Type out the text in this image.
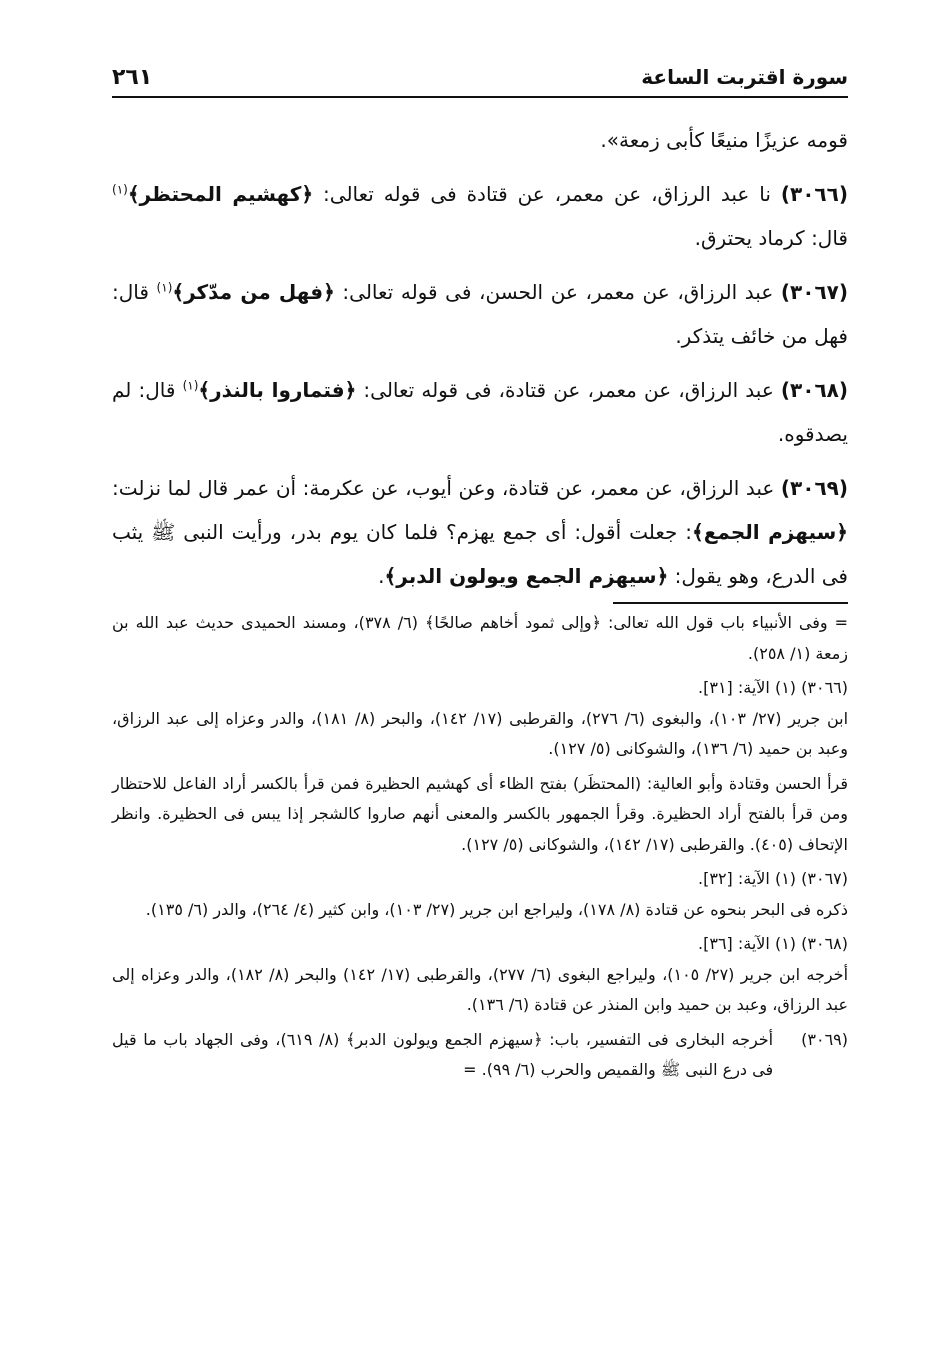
سورة اقتربت الساعة
٢٦١

قومه عزيزًا منيعًا كأبى زمعة».

(٣٠٦٦) نا عبد الرزاق، عن معمر، عن قتادة فى قوله تعالى: ﴿كهشيم المحتظر﴾$^{(١)}$ قال: كرماد يحترق.

(٣٠٦٧) عبد الرزاق، عن معمر، عن الحسن، فى قوله تعالى: ﴿فهل من مدّكر﴾$^{(١)}$ قال: فهل من خائف يتذكر.

(٣٠٦٨) عبد الرزاق، عن معمر، عن قتادة، فى قوله تعالى: ﴿فتماروا بالنذر﴾$^{(١)}$ قال: لم يصدقوه.

(٣٠٦٩) عبد الرزاق، عن معمر، عن قتادة، وعن أيوب، عن عكرمة: أن عمر قال لما نزلت: ﴿سيهزم الجمع﴾: جعلت أقول: أى جمع يهزم؟ فلما كان يوم بدر، ورأيت النبى ﷺ يثب فى الدرع، وهو يقول: ﴿سيهزم الجمع ويولون الدبر﴾.

= وفى الأنبياء باب قول الله تعالى: ﴿وإلى ثمود أخاهم صالحًا﴾ (٦/ ٣٧٨)، ومسند الحميدى حديث عبد الله بن زمعة (١/ ٢٥٨).

(٣٠٦٦) (١) الآية: [٣١].

ابن جرير (٢٧/ ١٠٣)، والبغوى (٦/ ٢٧٦)، والقرطبى (١٧/ ١٤٢)، والبحر (٨/ ١٨١)، والدر وعزاه إلى عبد الرزاق، وعبد بن حميد (٦/ ١٣٦)، والشوكانى (٥/ ١٢٧).

قرأ الحسن وقتادة وأبو العالية: (المحتظَر) بفتح الظاء أى كهشيم الحظيرة فمن قرأ بالكسر أراد الفاعل للاحتظار ومن قرأ بالفتح أراد الحظيرة. وقرأ الجمهور بالكسر والمعنى أنهم صاروا كالشجر إذا يبس فى الحظيرة. وانظر الإتحاف (٤٠٥). والقرطبى (١٧/ ١٤٢)، والشوكانى (٥/ ١٢٧).

(٣٠٦٧) (١) الآية: [٣٢].

ذكره فى البحر بنحوه عن قتادة (٨/ ١٧٨)، وليراجع ابن جرير (٢٧/ ١٠٣)، وابن كثير (٤/ ٢٦٤)، والدر (٦/ ١٣٥).

(٣٠٦٨) (١) الآية: [٣٦].

أخرجه ابن جرير (٢٧/ ١٠٥)، وليراجع البغوى (٦/ ٢٧٧)، والقرطبى (١٧/ ١٤٢) والبحر (٨/ ١٨٢)، والدر وعزاه إلى عبد الرزاق، وعبد بن حميد وابن المنذر عن قتادة (٦/ ١٣٦).

(٣٠٦٩)
أخرجه البخارى فى التفسير، باب: ﴿سيهزم الجمع ويولون الدبر﴾ (٨/ ٦١٩)، وفى الجهاد باب ما قيل فى درع النبى ﷺ والقميص والحرب (٦/ ٩٩). =
